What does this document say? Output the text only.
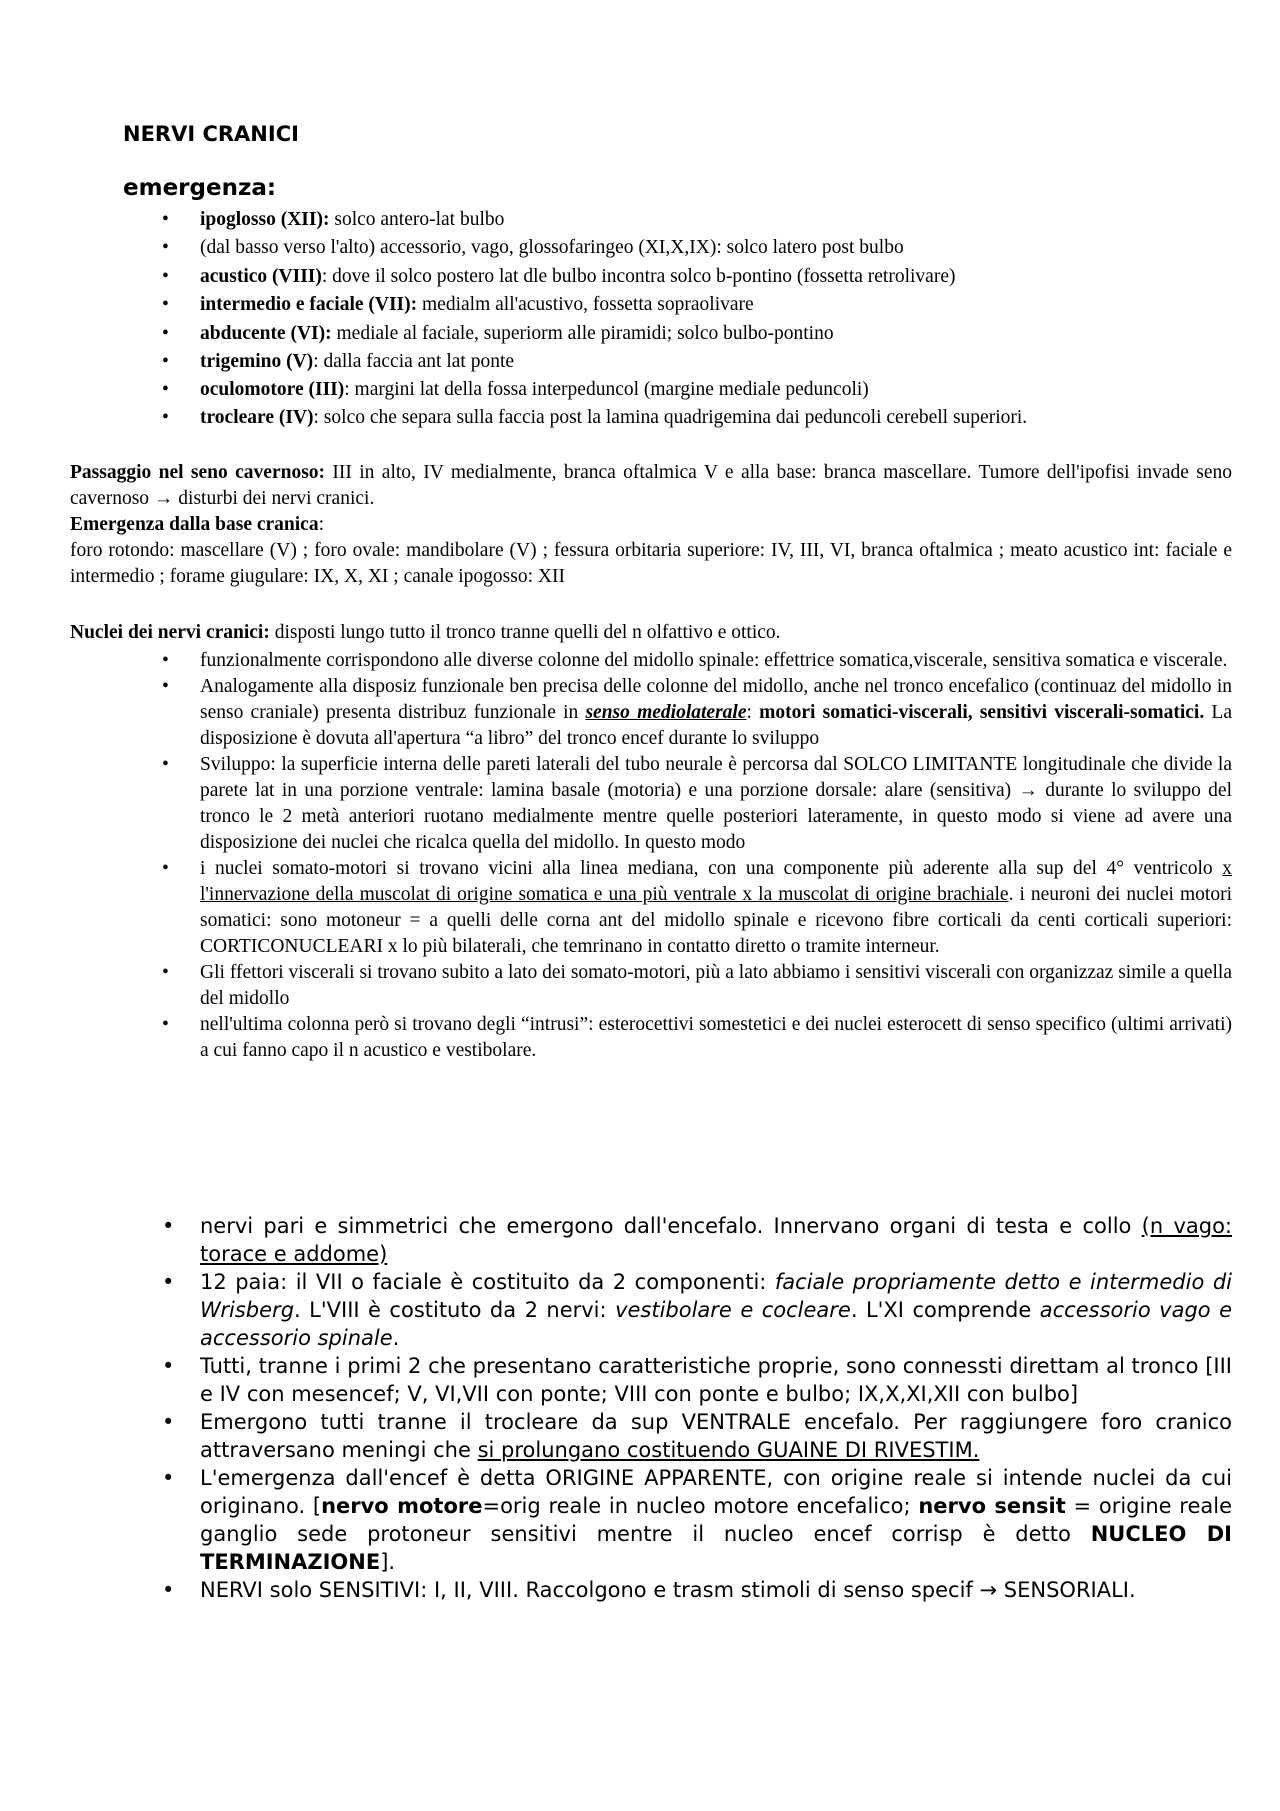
NERVI CRANICI
emergenza:
• ipoglosso (XII): solco antero-lat bulbo
• (dal basso verso l'alto) accessorio, vago, glossofaringeo (XI,X,IX): solco latero post bulbo
• acustico (VIII): dove il solco postero lat dle bulbo incontra solco b-pontino (fossetta retrolivare)
• intermedio e faciale (VII): medialm all'acustivo, fossetta sopraolivare
• abducente (VI): mediale al faciale, superiorm alle piramidi; solco bulbo-pontino
• trigemino (V): dalla faccia ant lat ponte
• oculomotore (III): margini lat della fossa interpeduncol (margine mediale peduncoli)
• trocleare (IV): solco che separa sulla faccia post la lamina quadrigemina dai peduncoli cerebell superiori.

Passaggio nel seno cavernoso: III in alto, IV medialmente, branca oftalmica V e alla base: branca mascellare. Tumore dell'ipofisi invade seno cavernoso → disturbi dei nervi cranici.

Emergenza dalla base cranica:

foro rotondo: mascellare (V) ; foro ovale: mandibolare (V) ; fessura orbitaria superiore: IV, III, VI, branca oftalmica ; meato acustico int: faciale e intermedio ; forame giugulare: IX, X, XI ; canale ipogosso: XII

Nuclei dei nervi cranici: disposti lungo tutto il tronco tranne quelli del n olfattivo e ottico.

• funzionalmente corrispondono alle diverse colonne del midollo spinale: effettrice somatica,viscerale, sensitiva somatica e viscerale.
• Analogamente alla disposiz funzionale ben precisa delle colonne del midollo, anche nel tronco encefalico (continuaz del midollo in senso craniale) presenta distribuz funzionale in senso mediolaterale: motori somatici-viscerali, sensitivi viscerali-somatici. La disposizione è dovuta all'apertura “a libro” del tronco encef durante lo sviluppo
• Sviluppo: la superficie interna delle pareti laterali del tubo neurale è percorsa dal SOLCO LIMITANTE longitudinale che divide la parete lat in una porzione ventrale: lamina basale (motoria) e una porzione dorsale: alare (sensitiva) → durante lo sviluppo del tronco le 2 metà anteriori ruotano medialmente mentre quelle posteriori lateramente, in questo modo si viene ad avere una disposizione dei nuclei che ricalca quella del midollo. In questo modo
• i nuclei somato-motori si trovano vicini alla linea mediana, con una componente più aderente alla sup del 4° ventricolo x l'innervazione della muscolat di origine somatica e una più ventrale x la muscolat di origine brachiale. i neuroni dei nuclei motori somatici: sono motoneur = a quelli delle corna ant del midollo spinale e ricevono fibre corticali da centi corticali superiori: CORTICONUCLEARI x lo più bilaterali, che temrinano in contatto diretto o tramite interneur.
• Gli ffettori viscerali si trovano subito a lato dei somato-motori, più a lato abbiamo i sensitivi viscerali con organizzaz simile a quella del midollo
• nell'ultima colonna però si trovano degli “intrusi”: esterocettivi somestetici e dei nuclei esterocett di senso specifico (ultimi arrivati) a cui fanno capo il n acustico e vestibolare.
• nervi pari e simmetrici che emergono dall'encefalo. Innervano organi di testa e collo (n vago: torace e addome)
• 12 paia: il VII o faciale è costituito da 2 componenti: faciale propriamente detto e intermedio di Wrisberg. L'VIII è costituto da 2 nervi: vestibolare e cocleare. L'XI comprende accessorio vago e accessorio spinale.
• Tutti, tranne i primi 2 che presentano caratteristiche proprie, sono connessti direttam al tronco [III e IV con mesencef; V, VI,VII con ponte; VIII con ponte e bulbo; IX,X,XI,XII con bulbo]
• Emergono tutti tranne il trocleare da sup VENTRALE encefalo. Per raggiungere foro cranico attraversano meningi che si prolungano costituendo GUAINE DI RIVESTIM.
• L'emergenza dall'encef è detta ORIGINE APPARENTE, con origine reale si intende nuclei da cui originano. [nervo motore=orig reale in nucleo motore encefalico; nervo sensit = origine reale ganglio sede protoneur sensitivi mentre il nucleo encef corrisp è detto NUCLEO DI TERMINAZIONE].
• NERVI solo SENSITIVI: I, II, VIII. Raccolgono e trasm stimoli di senso specif → SENSORIALI.
